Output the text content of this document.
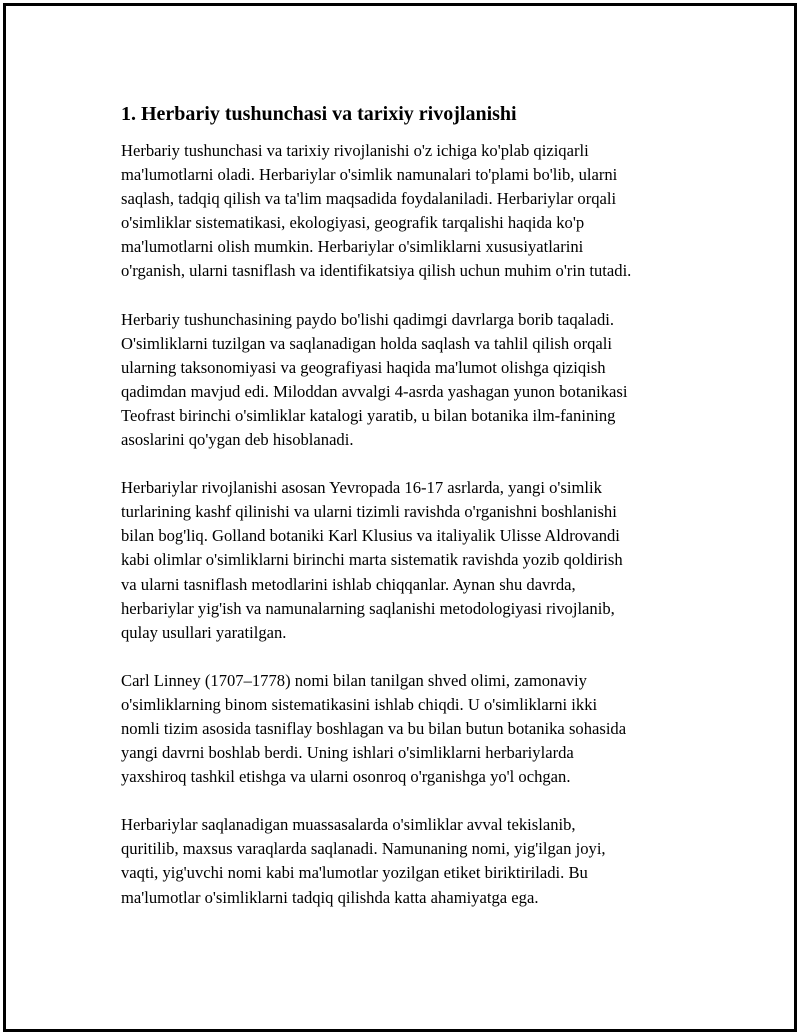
1. Herbariy tushunchasi va tarixiy rivojlanishi

Herbariy tushunchasi va tarixiy rivojlanishi o'z ichiga ko'plab qiziqarli
ma'lumotlarni oladi. Herbariylar o'simlik namunalari to'plami bo'lib, ularni
saqlash, tadqiq qilish va ta'lim maqsadida foydalaniladi. Herbariylar orqali
o'simliklar sistematikasi, ekologiyasi, geografik tarqalishi haqida ko'p
ma'lumotlarni olish mumkin. Herbariylar o'simliklarni xususiyatlarini
o'rganish, ularni tasniflash va identifikatsiya qilish uchun muhim o'rin tutadi.

Herbariy tushunchasining paydo bo'lishi qadimgi davrlarga borib taqaladi.
O'simliklarni tuzilgan va saqlanadigan holda saqlash va tahlil qilish orqali
ularning taksonomiyasi va geografiyasi haqida ma'lumot olishga qiziqish
qadimdan mavjud edi. Miloddan avvalgi 4-asrda yashagan yunon botanikasi
Teofrast birinchi o'simliklar katalogi yaratib, u bilan botanika ilm-fanining
asoslarini qo'ygan deb hisoblanadi.

Herbariylar rivojlanishi asosan Yevropada 16-17 asrlarda, yangi o'simlik
turlarining kashf qilinishi va ularni tizimli ravishda o'rganishni boshlanishi
bilan bog'liq. Golland botaniki Karl Klusius va italiyalik Ulisse Aldrovandi
kabi olimlar o'simliklarni birinchi marta sistematik ravishda yozib qoldirish
va ularni tasniflash metodlarini ishlab chiqqanlar. Aynan shu davrda,
herbariylar yig'ish va namunalarning saqlanishi metodologiyasi rivojlanib,
qulay usullari yaratilgan.

Carl Linney (1707–1778) nomi bilan tanilgan shved olimi, zamonaviy
o'simliklarning binom sistematikasini ishlab chiqdi. U o'simliklarni ikki
nomli tizim asosida tasniflay boshlagan va bu bilan butun botanika sohasida
yangi davrni boshlab berdi. Uning ishlari o'simliklarni herbariylarda
yaxshiroq tashkil etishga va ularni osonroq o'rganishga yo'l ochgan.

Herbariylar saqlanadigan muassasalarda o'simliklar avval tekislanib,
quritilib, maxsus varaqlarda saqlanadi. Namunaning nomi, yig'ilgan joyi,
vaqti, yig'uvchi nomi kabi ma'lumotlar yozilgan etiket biriktiriladi. Bu
ma'lumotlar o'simliklarni tadqiq qilishda katta ahamiyatga ega.
